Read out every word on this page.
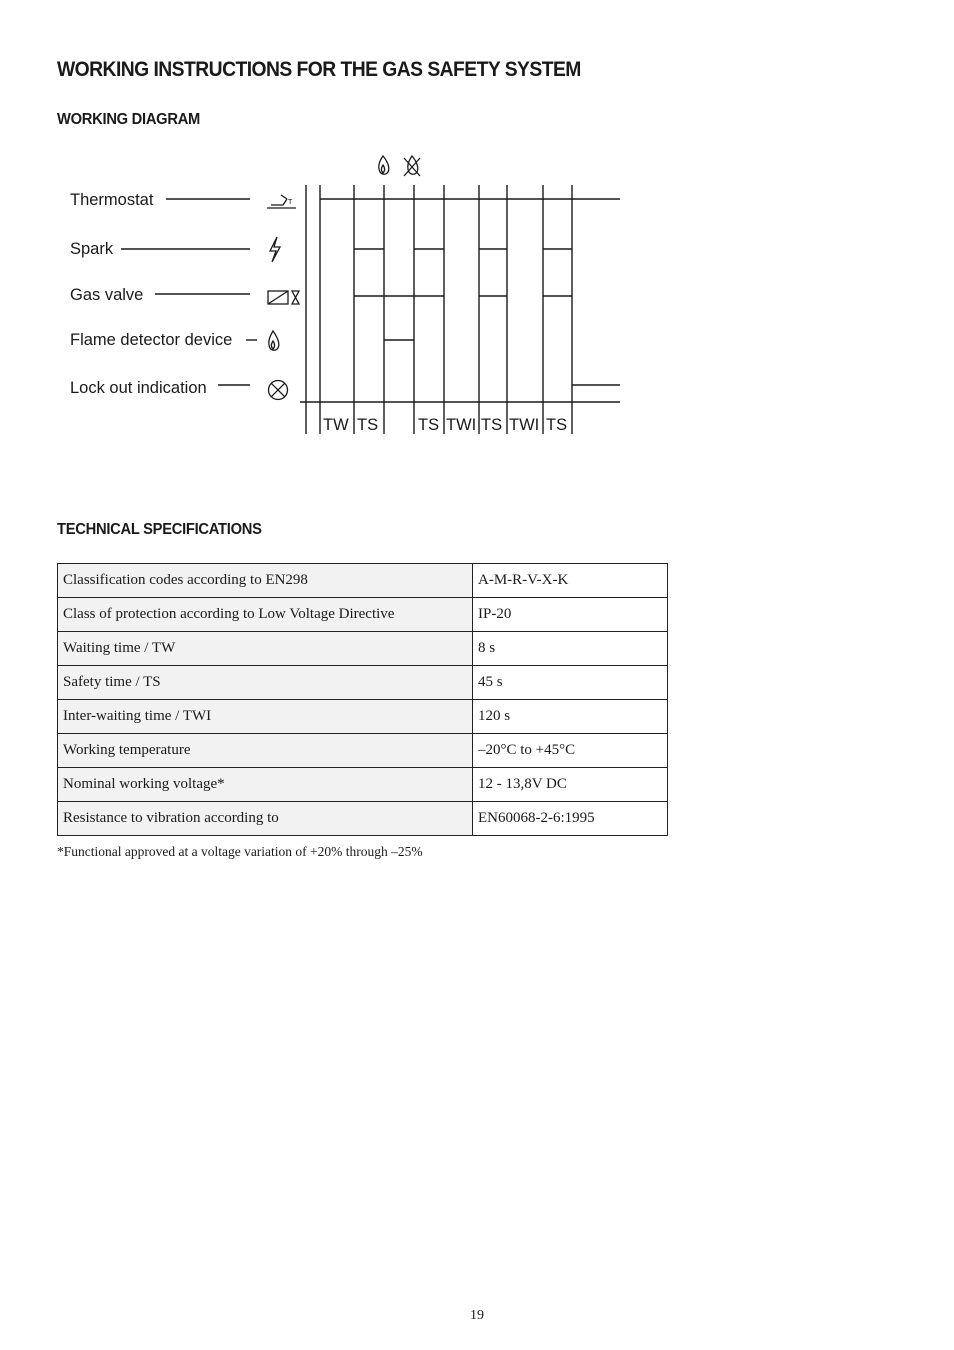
WORKING INSTRUCTIONS FOR THE GAS SAFETY SYSTEM
WORKING DIAGRAM
T
Thermostat
Spark
Gas valve
Flame detector device
Lock out indication
TW TS TS TWI TS TWI TS
TECHNICAL SPECIFICATIONS
Classification codes according to EN298	A-M-R-V-X-K
Class of protection according to Low Voltage Directive	IP-20
Waiting time / TW	8 s
Safety time / TS	45 s
Inter-waiting time / TWI	120 s
Working temperature	–20°C to +45°C
Nominal working voltage*	12 - 13,8V DC
Resistance to vibration according to	EN60068-2-6:1995
*Functional approved at a voltage variation of +20% through –25%
19
